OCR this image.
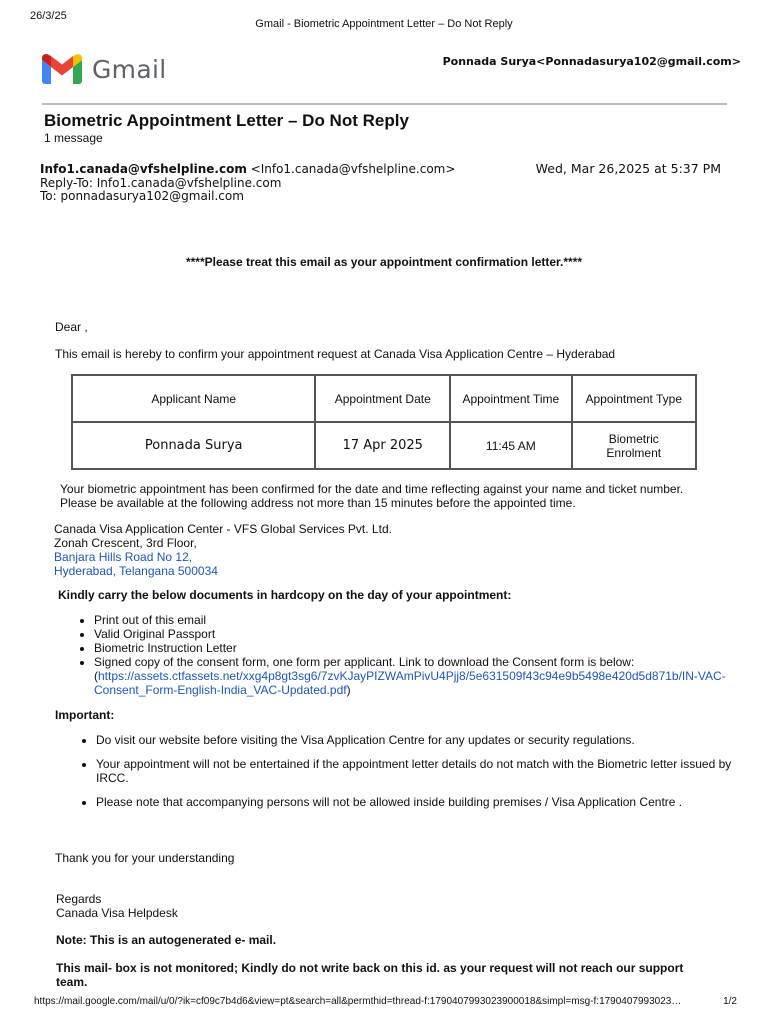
26/3/25
Gmail - Biometric Appointment Letter – Do Not Reply
Gmail	Ponnada Surya<Ponnadasurya102@gmail.com>
Biometric Appointment Letter – Do Not Reply
1 message
Info1.canada@vfshelpline.com <Info1.canada@vfshelpline.com>
Reply-To: Info1.canada@vfshelpline.com
To: ponnadasurya102@gmail.com
Wed, Mar 26,2025 at 5:37 PM
****Please treat this email as your appointment confirmation letter.****
Dear ,
This email is hereby to confirm your appointment request at Canada Visa Application Centre – Hyderabad
Applicant Name	Appointment Date	Appointment Time	Appointment Type
Ponnada Surya	17 Apr 2025	11:45 AM	Biometric Enrolment
Your biometric appointment has been confirmed for the date and time reflecting against your name and ticket number. Please be available at the following address not more than 15 minutes before the appointed time.
Canada Visa Application Center - VFS Global Services Pvt. Ltd.
Zonah Crescent, 3rd Floor,
Banjara Hills Road No 12,
Hyderabad, Telangana 500034
Kindly carry the below documents in hardcopy on the day of your appointment:
• Print out of this email
• Valid Original Passport
• Biometric Instruction Letter
• Signed copy of the consent form, one form per applicant. Link to download the Consent form is below:
(https://assets.ctfassets.net/xxg4p8gt3sg6/7zvKJayPIZWAmPivU4Pjj8/5e631509f43c94e9b5498e420d5d871b/IN-VAC-Consent_Form-English-India_VAC-Updated.pdf)
Important:
• Do visit our website before visiting the Visa Application Centre for any updates or security regulations.
• Your appointment will not be entertained if the appointment letter details do not match with the Biometric letter issued by IRCC.
• Please note that accompanying persons will not be allowed inside building premises / Visa Application Centre .
Thank you for your understanding
Regards
Canada Visa Helpdesk
Note: This is an autogenerated e- mail.
This mail- box is not monitored; Kindly do not write back on this id. as your request will not reach our support team.
https://mail.google.com/mail/u/0/?ik=cf09c7b4d6&view=pt&search=all&permthid=thread-f:1790407993023900018&simpl=msg-f:1790407993023…	1/2
